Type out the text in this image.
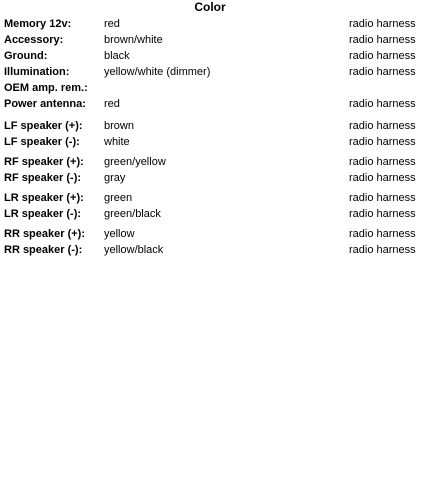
Color
Memory 12v:	red	radio harness
Accessory:	brown/white	radio harness
Ground:	black	radio harness
Illumination:	yellow/white (dimmer)	radio harness
OEM amp. rem.:
Power antenna: red	radio harness
LF speaker (+): brown	radio harness
LF speaker (-): white	radio harness
RF speaker (+): green/yellow	radio harness
RF speaker (-): gray	radio harness
LR speaker (+): green	radio harness
LR speaker (-): green/black	radio harness
RR speaker (+): yellow	radio harness
RR speaker (-): yellow/black	radio harness
